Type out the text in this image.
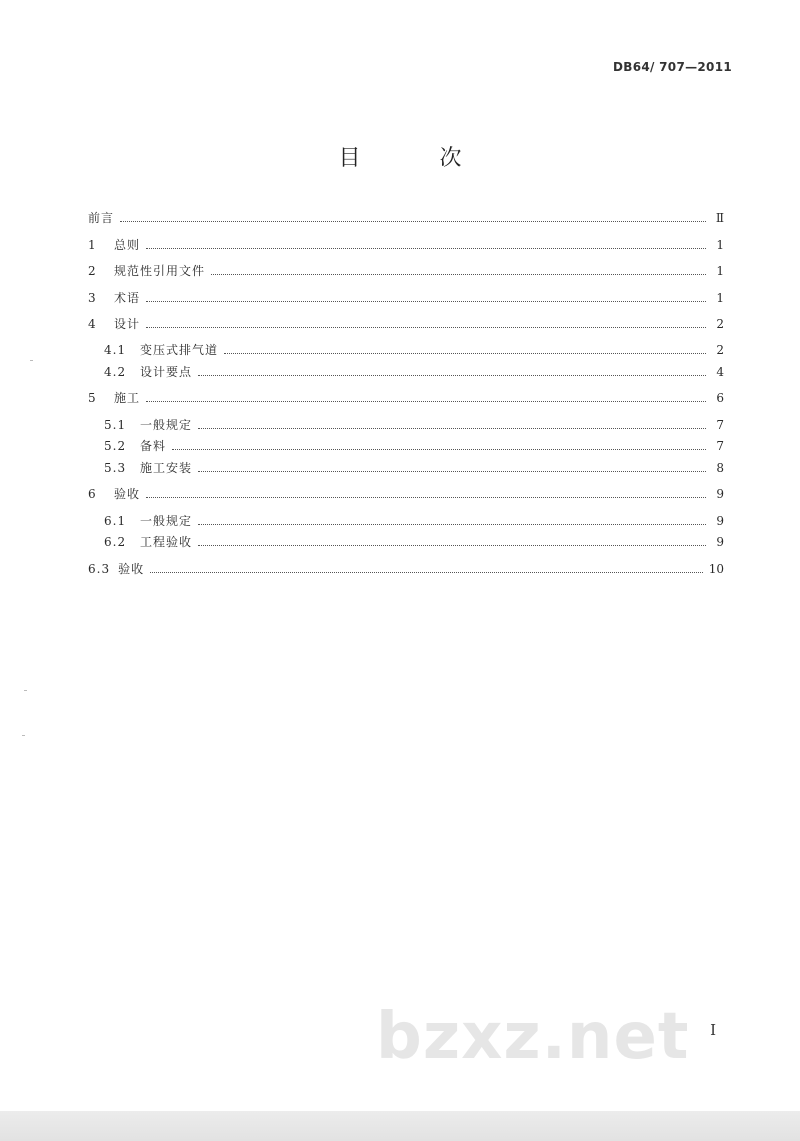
DB64/ 707—2011
目 次
前言	Ⅱ
1	总则	1
2	规范性引用文件	1
3	术语	1
4	设计	2
4.1	变压式排气道	2
4.2	设计要点	4
5	施工	6
5.1	一般规定	7
5.2	备料	7
5.3	施工安装	8
6	验收	9
6.1	一般规定	9
6.2	工程验收	9
6.3 验收	10
I
bzxz.net
